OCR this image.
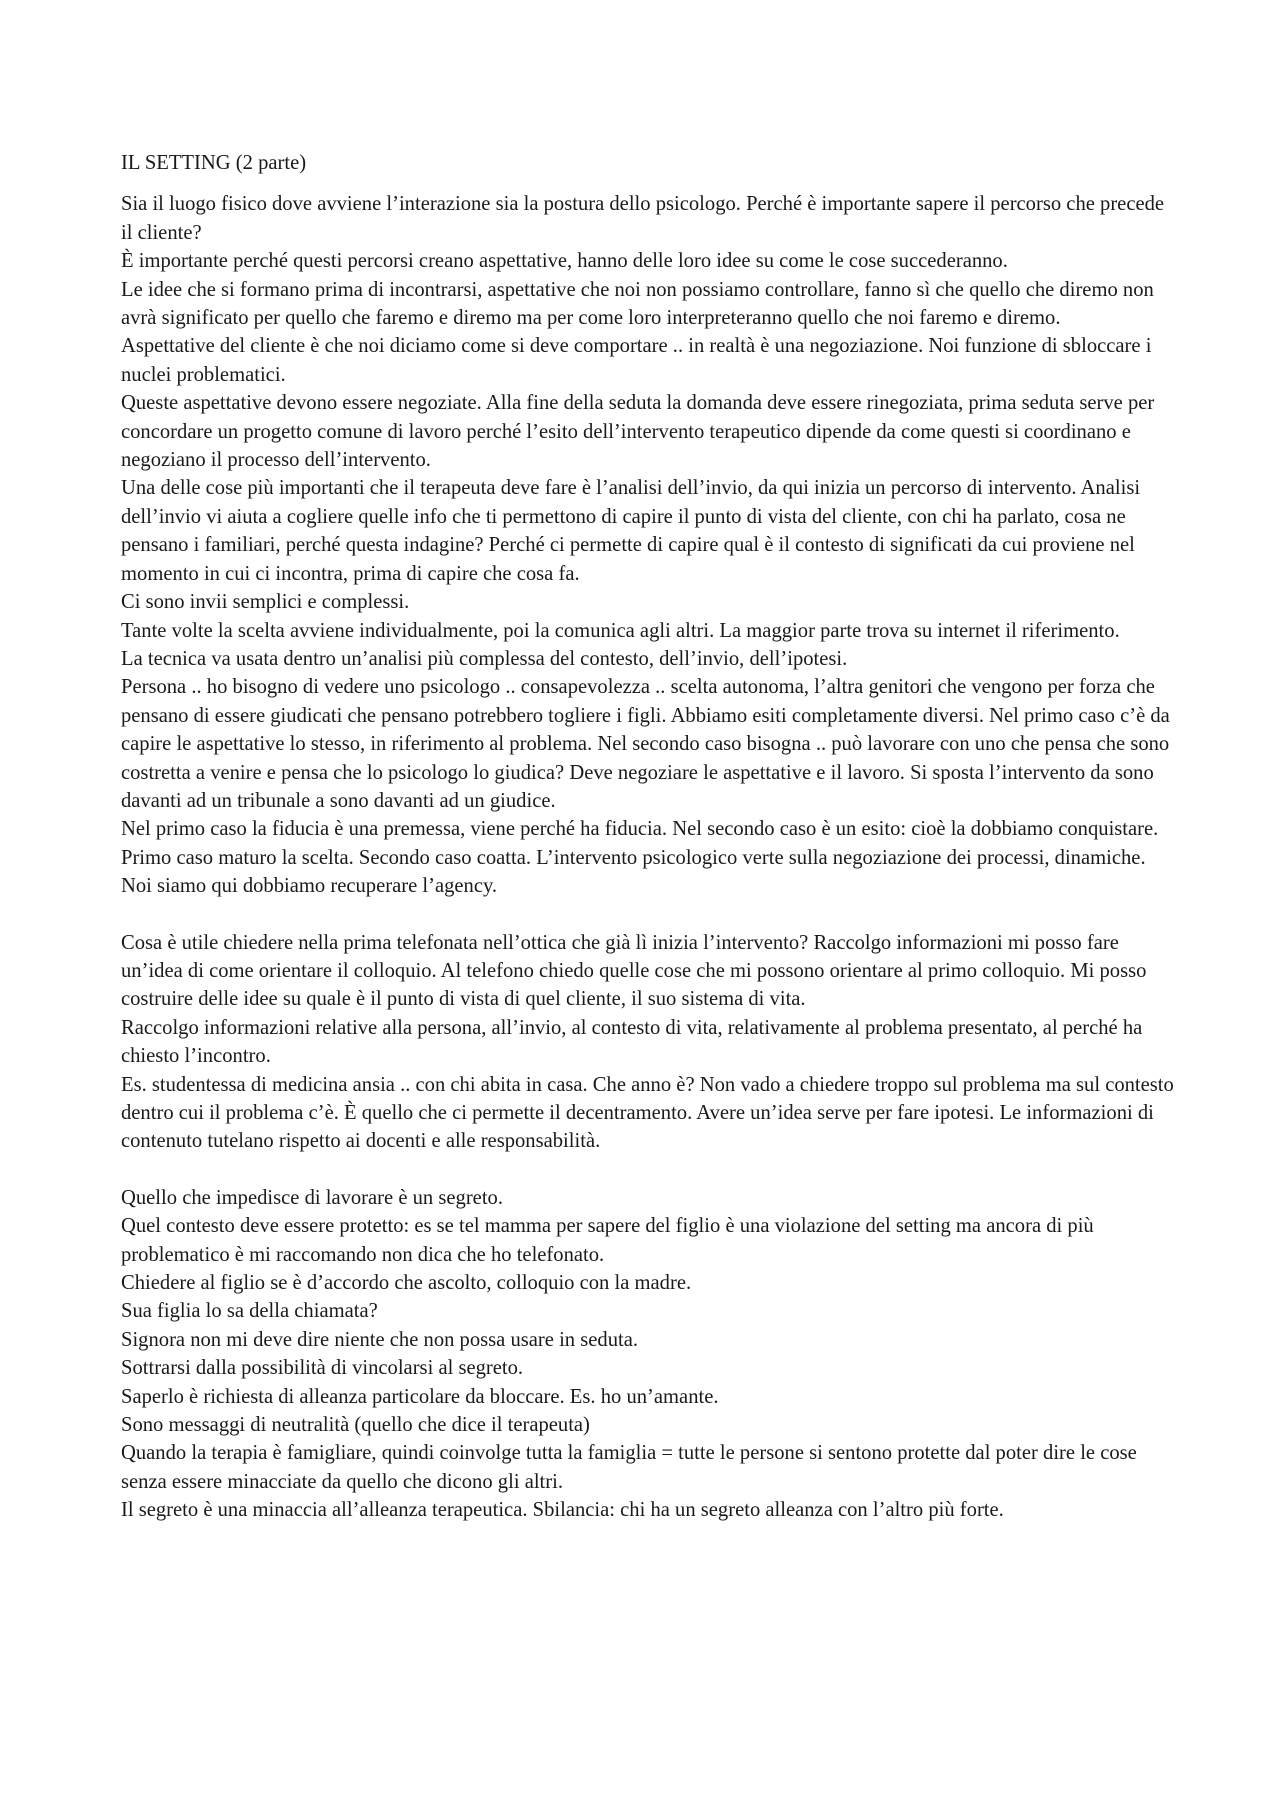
IL SETTING (2 parte)

Sia il luogo fisico dove avviene l’interazione sia la postura dello psicologo. Perché è importante sapere il percorso che precede il cliente?

È importante perché questi percorsi creano aspettative, hanno delle loro idee su come le cose succederanno.

Le idee che si formano prima di incontrarsi, aspettative che noi non possiamo controllare, fanno sì che quello che diremo non avrà significato per quello che faremo e diremo ma per come loro interpreteranno quello che noi faremo e diremo.

Aspettative del cliente è che noi diciamo come si deve comportare .. in realtà è una negoziazione. Noi funzione di sbloccare i nuclei problematici.

Queste aspettative devono essere negoziate. Alla fine della seduta la domanda deve essere rinegoziata, prima seduta serve per concordare un progetto comune di lavoro perché l’esito dell’intervento terapeutico dipende da come questi si coordinano e negoziano il processo dell’intervento.

Una delle cose più importanti che il terapeuta deve fare è l’analisi dell’invio, da qui inizia un percorso di intervento. Analisi dell’invio vi aiuta a cogliere quelle info che ti permettono di capire il punto di vista del cliente, con chi ha parlato, cosa ne pensano i familiari, perché questa indagine? Perché ci permette di capire qual è il contesto di significati da cui proviene nel momento in cui ci incontra, prima di capire che cosa fa.

Ci sono invii semplici e complessi.

Tante volte la scelta avviene individualmente, poi la comunica agli altri. La maggior parte trova su internet il riferimento.

La tecnica va usata dentro un’analisi più complessa del contesto, dell’invio, dell’ipotesi.

Persona .. ho bisogno di vedere uno psicologo .. consapevolezza .. scelta autonoma, l’altra genitori che vengono per forza che pensano di essere giudicati che pensano potrebbero togliere i figli. Abbiamo esiti completamente diversi. Nel primo caso c’è da capire le aspettative lo stesso, in riferimento al problema. Nel secondo caso bisogna .. può lavorare con uno che pensa che sono costretta a venire e pensa che lo psicologo lo giudica? Deve negoziare le aspettative e il lavoro. Si sposta l’intervento da sono davanti ad un tribunale a sono davanti ad un giudice.

Nel primo caso la fiducia è una premessa, viene perché ha fiducia. Nel secondo caso è un esito: cioè la dobbiamo conquistare. Primo caso maturo la scelta. Secondo caso coatta. L’intervento psicologico verte sulla negoziazione dei processi, dinamiche. Noi siamo qui dobbiamo recuperare l’agency.

Cosa è utile chiedere nella prima telefonata nell’ottica che già lì inizia l’intervento? Raccolgo informazioni mi posso fare un’idea di come orientare il colloquio. Al telefono chiedo quelle cose che mi possono orientare al primo colloquio. Mi posso costruire delle idee su quale è il punto di vista di quel cliente, il suo sistema di vita.

Raccolgo informazioni relative alla persona, all’invio, al contesto di vita, relativamente al problema presentato, al perché ha chiesto l’incontro.

Es. studentessa di medicina ansia .. con chi abita in casa. Che anno è? Non vado a chiedere troppo sul problema ma sul contesto dentro cui il problema c’è. È quello che ci permette il decentramento. Avere un’idea serve per fare ipotesi. Le informazioni di contenuto tutelano rispetto ai docenti e alle responsabilità.

Quello che impedisce di lavorare è un segreto.

Quel contesto deve essere protetto: es se tel mamma per sapere del figlio è una violazione del setting ma ancora di più problematico è mi raccomando non dica che ho telefonato.

Chiedere al figlio se è d’accordo che ascolto, colloquio con la madre.

Sua figlia lo sa della chiamata?

Signora non mi deve dire niente che non possa usare in seduta.

Sottrarsi dalla possibilità di vincolarsi al segreto.

Saperlo è richiesta di alleanza particolare da bloccare. Es. ho un’amante.

Sono messaggi di neutralità (quello che dice il terapeuta)

Quando la terapia è famigliare, quindi coinvolge tutta la famiglia = tutte le persone si sentono protette dal poter dire le cose senza essere minacciate da quello che dicono gli altri.

Il segreto è una minaccia all’alleanza terapeutica. Sbilancia: chi ha un segreto alleanza con l’altro più forte.
